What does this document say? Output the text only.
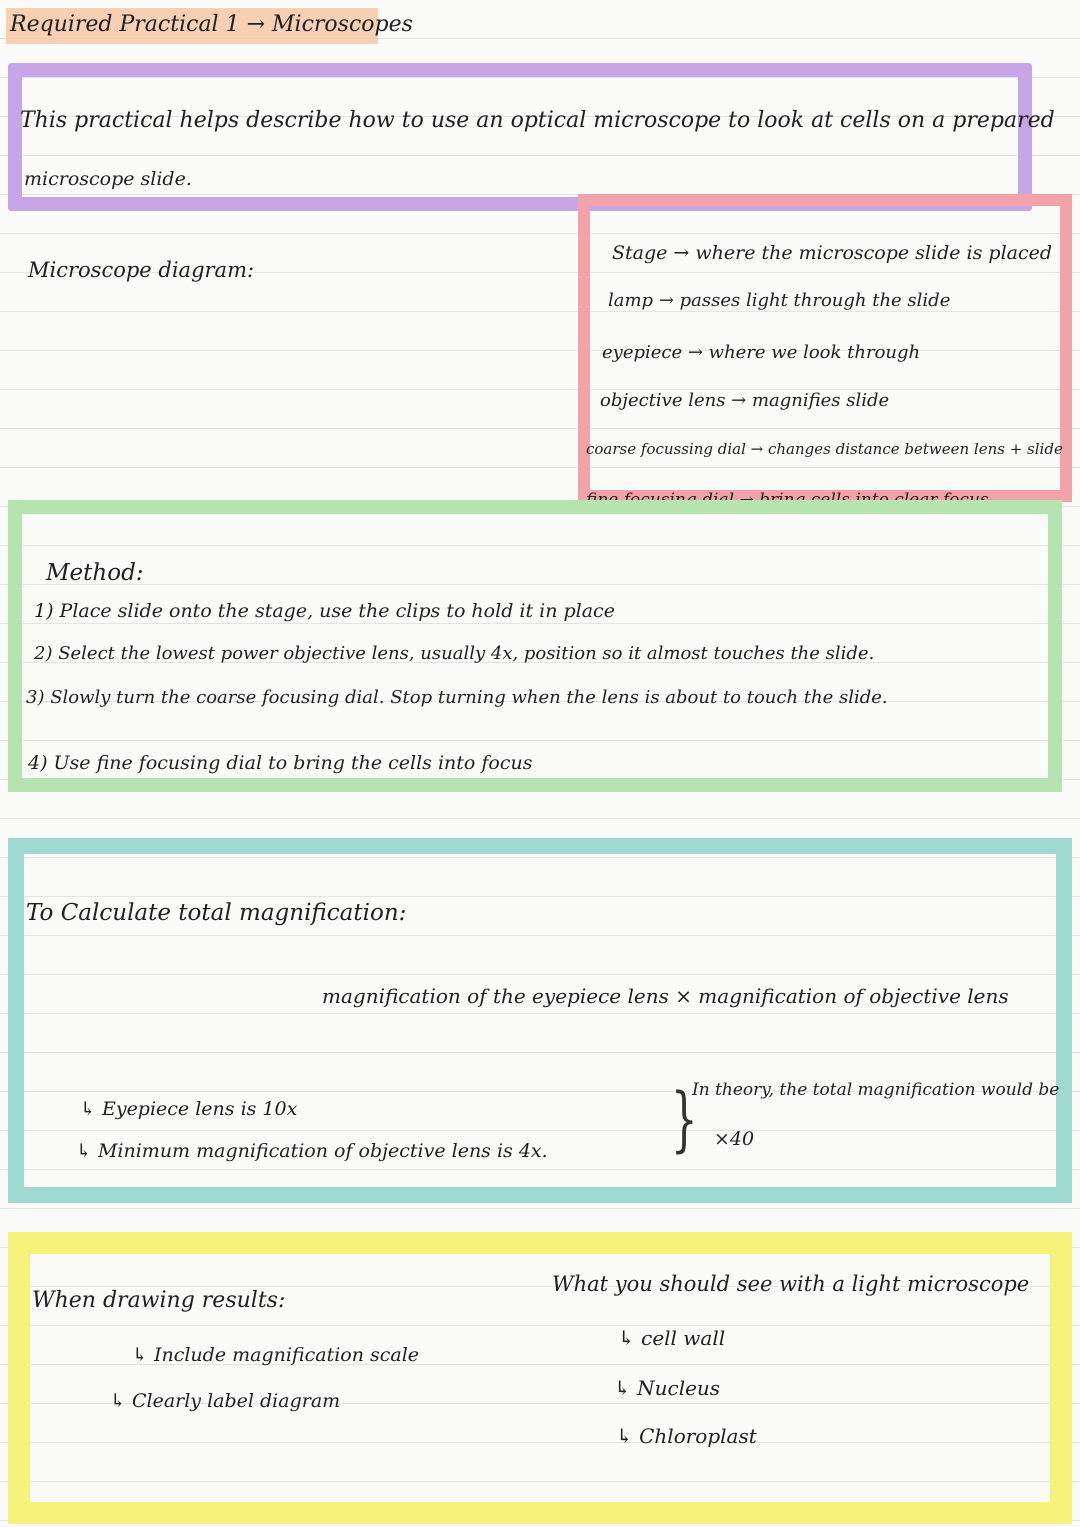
Required Practical 1 → Microscopes
This practical helps describe how to use an optical microscope to look at cells on a prepared
microscope slide.
Microscope diagram:
Stage → where the microscope slide is placed
lamp → passes light through the slide
eyepiece → where we look through
objective lens → magnifies slide
coarse focussing dial → changes distance between lens + slide
fine focusing dial → bring cells into clear focus
Method:
1) Place slide onto the stage, use the clips to hold it in place
2) Select the lowest power objective lens, usually 4x, position so it almost touches the slide.
3) Slowly turn the coarse focusing dial. Stop turning when the lens is about to touch the slide.
4) Use fine focusing dial to bring the cells into focus
To Calculate total magnification:
magnification of the eyepiece lens × magnification of objective lens
↳ Eyepiece lens is 10x
↳ Minimum magnification of objective lens is 4x. }
In theory, the total magnification would be
×40
When drawing results:
↳ Include magnification scale
↳ Clearly label diagram
What you should see with a light microscope
↳ cell wall
↳ Nucleus
↳ Chloroplast
